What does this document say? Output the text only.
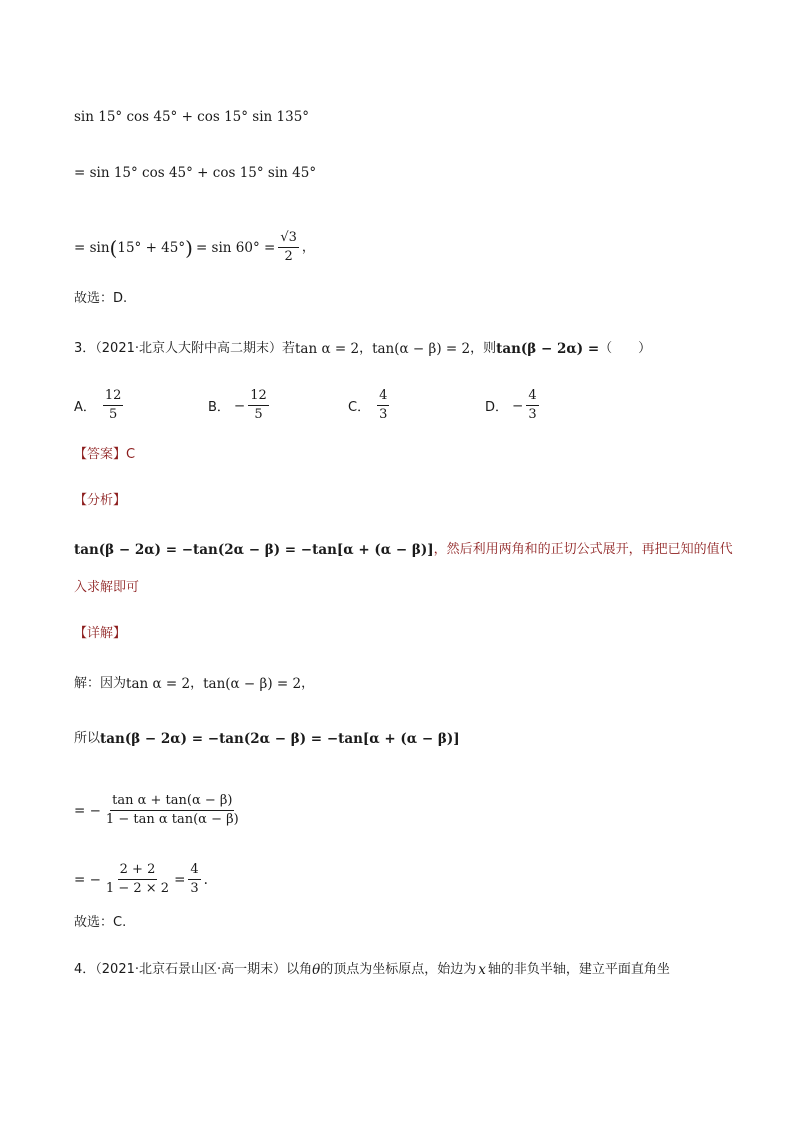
sin 15° cos 45° + cos 15° sin 135°
= sin 15° cos 45° + cos 15° sin 45°
= sin ( 15° + 45° ) = $\sin 60^\circ = \frac{√3}{2}$ ，
故选：D.
3．（2021·北京人大附中高二期末）若 tan α = 2 ， tan(α − β) = 2 ，则 tan(β − 2α) = （　　）
A． $\frac{12}{5}$	B． − $\frac{12}{5}$	C． $\frac{4}{3}$	D． − $\frac{4}{3}$
【答案】 C
【分析】
tan(β − 2α) = −tan(2α − β) = −tan[α + (α − β)] ，然后利用两角和的正切公式展开，再把已知的值代
入求解即可
【详解】
解：因为 tan α = 2 ， tan(α − β) = 2 ，
所以 tan(β − 2α) = −tan(2α − β) = −tan[α + (α − β)]
= − $\frac{\text{tan α + tan(α − β)}}{\text{1 − tan α tan(α − β)}}$
= − $\frac{2 + 2}{1 - 2 \times 2} = \frac{4}{3}$ .
故选：C.
4．（2021·北京石景山区·高一期末）以角 θ 的顶点为坐标原点，始边为 x 轴的非负半轴，建立平面直角坐
